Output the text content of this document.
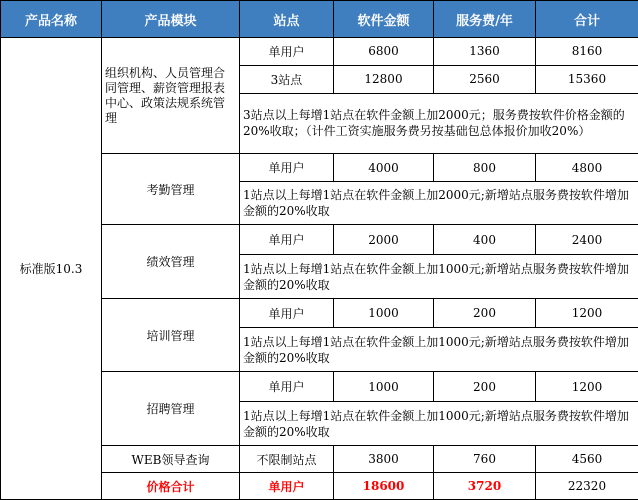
产品名称	产品模块	站点	软件金额	服务费/年	合计
标准版10.3	组织机构、人员管理合同管理、薪资管理报表中心、政策法规系统管理	单用户	6800	1360	8160
		3站点	12800	2560	15360
		3站点以上每增1站点在软件金额上加2000元；服务费按软件价格金额的20%收取；（计件工资实施服务费另按基础包总体报价加收20%）			
	考勤管理	单用户	4000	800	4800
		1站点以上每增1站点在软件金额上加2000元;新增站点服务费按软件增加金额的20%收取			
	绩效管理	单用户	2000	400	2400
		1站点以上每增1站点在软件金额上加1000元;新增站点服务费按软件增加金额的20%收取			
	培训管理	单用户	1000	200	1200
		1站点以上每增1站点在软件金额上加1000元;新增站点服务费按软件增加金额的20%收取			
	招聘管理	单用户	1000	200	1200
		1站点以上每增1站点在软件金额上加1000元;新增站点服务费按软件增加金额的20%收取			
	WEB领导查询	不限制站点	3800	760	4560
	价格合计	单用户	18600	3720	22320
